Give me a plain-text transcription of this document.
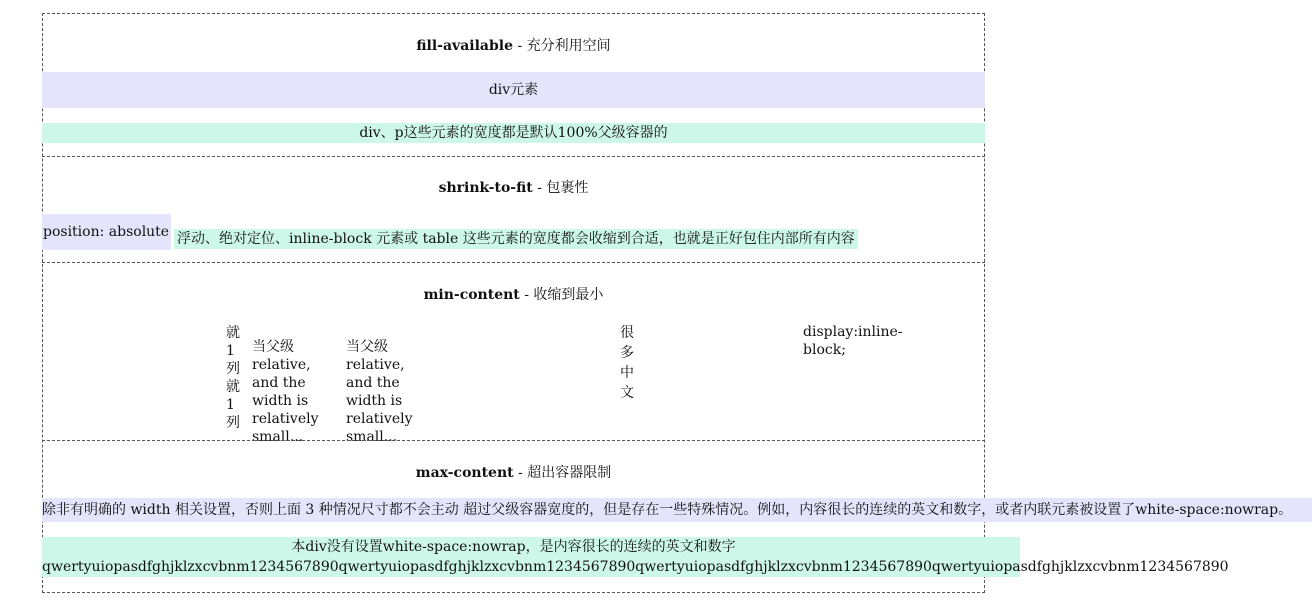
fill-available - 充分利用空间
div元素
div、p这些元素的宽度都是默认100%父级容器的
shrink-to-fit - 包裹性
position: absolute 浮动、绝对定位、inline-block 元素或 table 这些元素的宽度都会收缩到合适，也就是正好包住内部所有内容
min-content - 收缩到最小
就1列就1列
当父级relative, and the width is relatively small...
当父级relative, and the width is relatively small...
很多中文
display:inline-block;
max-content - 超出容器限制
除非有明确的 width 相关设置，否则上面 3 种情况尺寸都不会主动 超过父级容器宽度的，但是存在一些特殊情况。例如，内容很长的连续的英文和数字，或者内联元素被设置了white-space:nowrap。
本div没有设置white-space:nowrap，是内容很长的连续的英文和数字
qwertyuiopasdfghjklzxcvbnm1234567890qwertyuiopasdfghjklzxcvbnm1234567890qwertyuiopasdfghjklzxcvbnm1234567890qwertyuiopasdfghjklzxcvbnm1234567890
